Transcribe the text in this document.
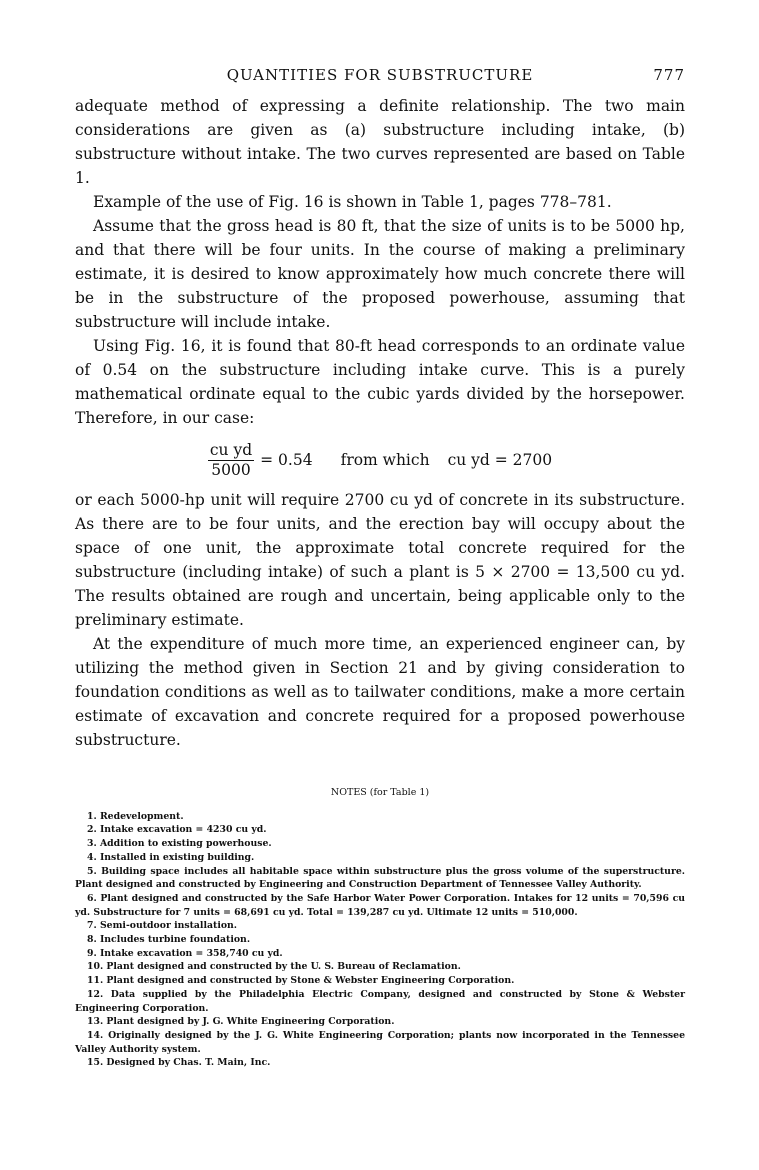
QUANTITIES FOR SUBSTRUCTURE	777

adequate method of expressing a definite relationship. The two main considerations are given as (a) substructure including intake, (b) substructure without intake. The two curves represented are based on Table 1.

Example of the use of Fig. 16 is shown in Table 1, pages 778–781.

Assume that the gross head is 80 ft, that the size of units is to be 5000 hp, and that there will be four units. In the course of making a preliminary estimate, it is desired to know approximately how much concrete there will be in the substructure of the proposed powerhouse, assuming that substructure will include intake.

Using Fig. 16, it is found that 80-ft head corresponds to an ordinate value of 0.54 on the substructure including intake curve. This is a purely mathematical ordinate equal to the cubic yards divided by the horsepower. Therefore, in our case:

$\frac{\text{cu yd}}{5000} = 0.54$ from which cu yd = 2700

or each 5000-hp unit will require 2700 cu yd of concrete in its substructure. As there are to be four units, and the erection bay will occupy about the space of one unit, the approximate total concrete required for the substructure (including intake) of such a plant is 5 × 2700 = 13,500 cu yd. The results obtained are rough and uncertain, being applicable only to the preliminary estimate.

At the expenditure of much more time, an experienced engineer can, by utilizing the method given in Section 21 and by giving consideration to foundation conditions as well as to tailwater conditions, make a more certain estimate of excavation and concrete required for a proposed powerhouse substructure.

NOTES (for Table 1)

1. Redevelopment.

2. Intake excavation = 4230 cu yd.

3. Addition to existing powerhouse.

4. Installed in existing building.

5. Building space includes all habitable space within substructure plus the gross volume of the superstructure. Plant designed and constructed by Engineering and Construction Department of Tennessee Valley Authority.

6. Plant designed and constructed by the Safe Harbor Water Power Corporation. Intakes for 12 units = 70,596 cu yd. Substructure for 7 units = 68,691 cu yd. Total = 139,287 cu yd. Ultimate 12 units = 510,000.

7. Semi-outdoor installation.

8. Includes turbine foundation.

9. Intake excavation = 358,740 cu yd.

10. Plant designed and constructed by the U. S. Bureau of Reclamation.

11. Plant designed and constructed by Stone & Webster Engineering Corporation.

12. Data supplied by the Philadelphia Electric Company, designed and constructed by Stone & Webster Engineering Corporation.

13. Plant designed by J. G. White Engineering Corporation.

14. Originally designed by the J. G. White Engineering Corporation; plants now incorporated in the Tennessee Valley Authority system.

15. Designed by Chas. T. Main, Inc.
